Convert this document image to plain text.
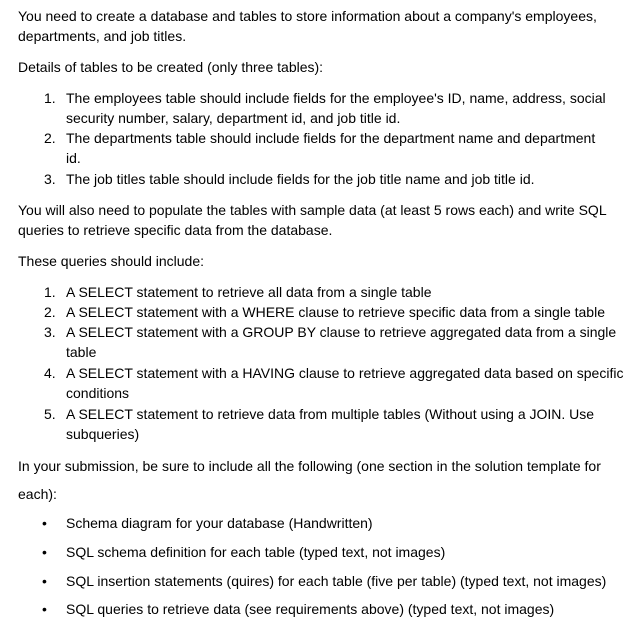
You need to create a database and tables to store information about a company's employees,

departments, and job titles.

Details of tables to be created (only three tables):

1. The employees table should include fields for the employee's ID, name, address, social
security number, salary, department id, and job title id.
2. The departments table should include fields for the department name and department
id.
3. The job titles table should include fields for the job title name and job title id.

You will also need to populate the tables with sample data (at least 5 rows each) and write SQL

queries to retrieve specific data from the database.

These queries should include:

1. A SELECT statement to retrieve all data from a single table
2. A SELECT statement with a WHERE clause to retrieve specific data from a single table
3. A SELECT statement with a GROUP BY clause to retrieve aggregated data from a single
table
4. A SELECT statement with a HAVING clause to retrieve aggregated data based on specific
conditions
5. A SELECT statement to retrieve data from multiple tables (Without using a JOIN. Use
subqueries)

In your submission, be sure to include all the following (one section in the solution template for

each):

• Schema diagram for your database (Handwritten)
• SQL schema definition for each table (typed text, not images)
• SQL insertion statements (quires) for each table (five per table) (typed text, not images)
• SQL queries to retrieve data (see requirements above) (typed text, not images)
